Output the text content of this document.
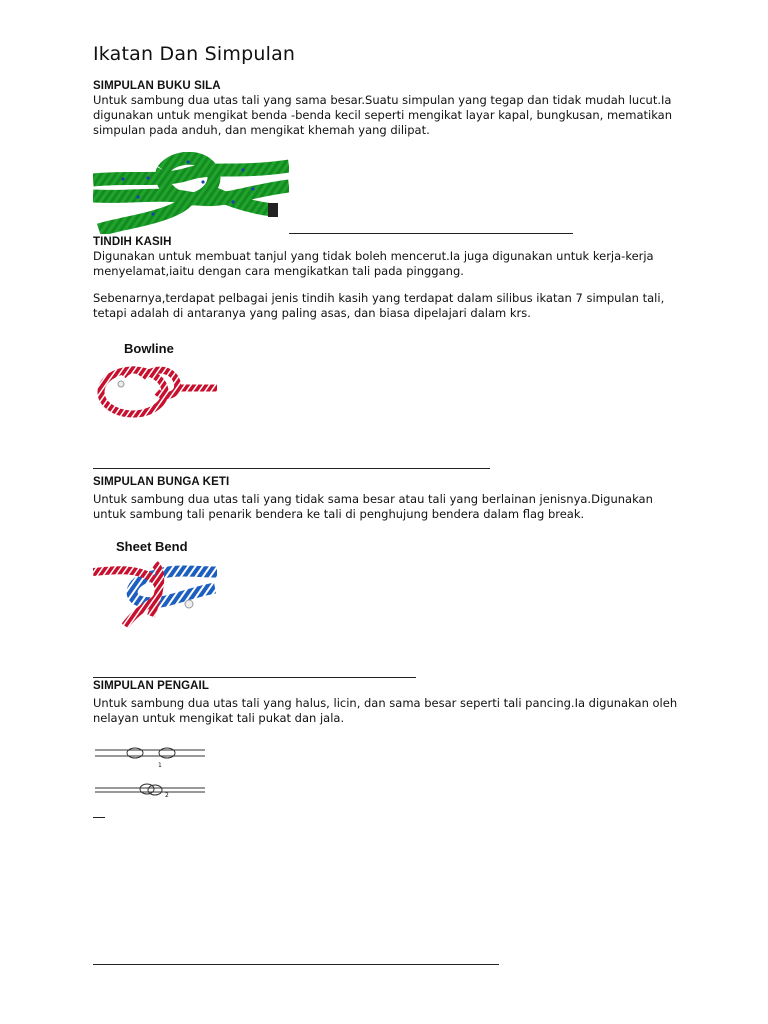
Ikatan Dan Simpulan
SIMPULAN BUKU SILA
Untuk sambung dua utas tali yang sama besar.Suatu simpulan yang tegap dan tidak mudah lucut.Ia digunakan untuk mengikat benda -benda kecil seperti mengikat layar kapal, bungkusan, mematikan simpulan pada anduh, dan mengikat khemah yang dilipat.
TINDIH KASIH
Digunakan untuk membuat tanjul yang tidak boleh mencerut.Ia juga digunakan untuk kerja-kerja menyelamat,iaitu dengan cara mengikatkan tali pada pinggang.
Sebenarnya,terdapat pelbagai jenis tindih kasih yang terdapat dalam silibus ikatan 7 simpulan tali, tetapi adalah di antaranya yang paling asas, dan biasa dipelajari dalam krs.
Bowline
SIMPULAN BUNGA KETI
Untuk sambung dua utas tali yang tidak sama besar atau tali yang berlainan jenisnya.Digunakan untuk sambung tali penarik bendera ke tali di penghujung bendera dalam flag break.
Sheet Bend
SIMPULAN PENGAIL
Untuk sambung dua utas tali yang halus, licin, dan sama besar seperti tali pancing.Ia digunakan oleh nelayan untuk mengikat tali pukat dan jala.
1
2
